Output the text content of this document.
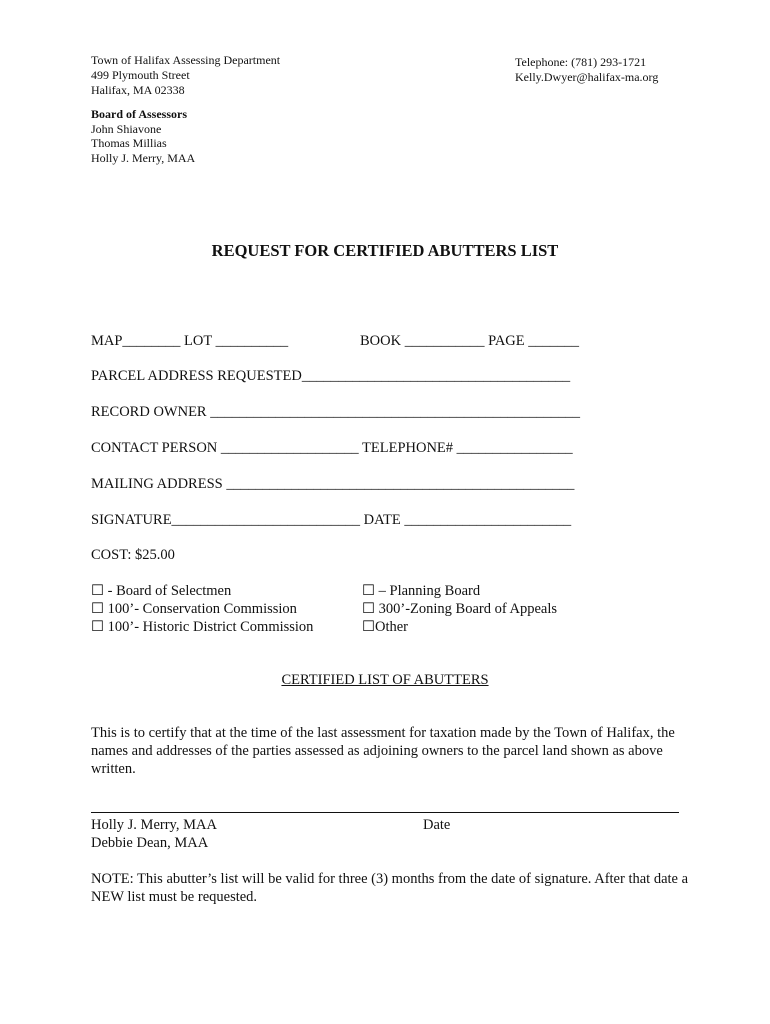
Town of Halifax Assessing Department
499 Plymouth Street
Halifax, MA 02338
Telephone: (781) 293-1721
Kelly.Dwyer@halifax-ma.org
Board of Assessors
John Shiavone
Thomas Millias
Holly J. Merry, MAA
REQUEST FOR CERTIFIED ABUTTERS LIST
MAP________ LOT __________	BOOK ___________ PAGE _______
PARCEL ADDRESS REQUESTED_____________________________________
RECORD OWNER ___________________________________________________
CONTACT PERSON ___________________ TELEPHONE# ________________
MAILING ADDRESS ________________________________________________
SIGNATURE__________________________ DATE _______________________
COST: $25.00
☐ - Board of Selectmen
☐ 100’- Conservation Commission
☐ 100’- Historic District Commission
☐ – Planning Board
☐ 300’-Zoning Board of Appeals
☐Other
CERTIFIED LIST OF ABUTTERS
This is to certify that at the time of the last assessment for taxation made by the Town of Halifax, the names and addresses of the parties assessed as adjoining owners to the parcel land shown as above written.
Holly J. Merry, MAA	Date
Debbie Dean, MAA
NOTE: This abutter’s list will be valid for three (3) months from the date of signature. After that date a NEW list must be requested.
